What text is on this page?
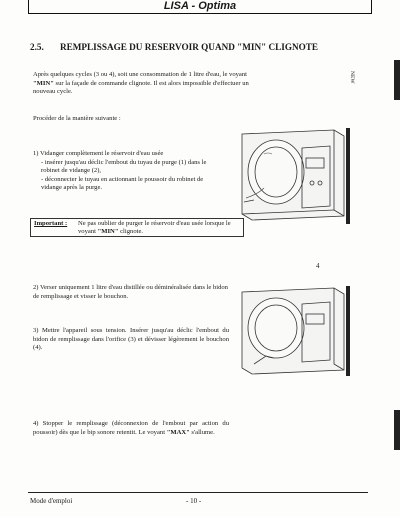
LISA - Optima
2.5. REMPLISSAGE DU RESERVOIR QUAND "MIN" CLIGNOTE
Après quelques cycles (3 ou 4), soit une consommation de 1 litre d'eau, le voyant "MIN" sur la façade de commande clignote. Il est alors impossible d'effectuer un nouveau cycle.
Procéder de la manière suivante :
1) Vidanger complètement le réservoir d'eau usée
- insérer jusqu'au déclic l'embout du tuyau de purge (1) dans le robinet de vidange (2),
- déconnecter le tuyau en actionnant le poussoir du robinet de vidange après la purge.
Important : Ne pas oublier de purger le réservoir d'eau usée lorsque le voyant "MIN" clignote.
2) Verser uniquement 1 litre d'eau distillée ou déminéralisée dans le bidon de remplissage et visser le bouchon.
3) Mettre l'appareil sous tension. Insérer jusqu'au déclic l'embout du bidon de remplissage dans l'orifice (3) et dévisser légèrement le bouchon (4).
4) Stopper le remplissage (déconnexion de l'embout par action du poussoir) dès que le bip sonore retentit. Le voyant "MAX" s'allume.
4
NEW
Mode d'emploi	- 10 -
